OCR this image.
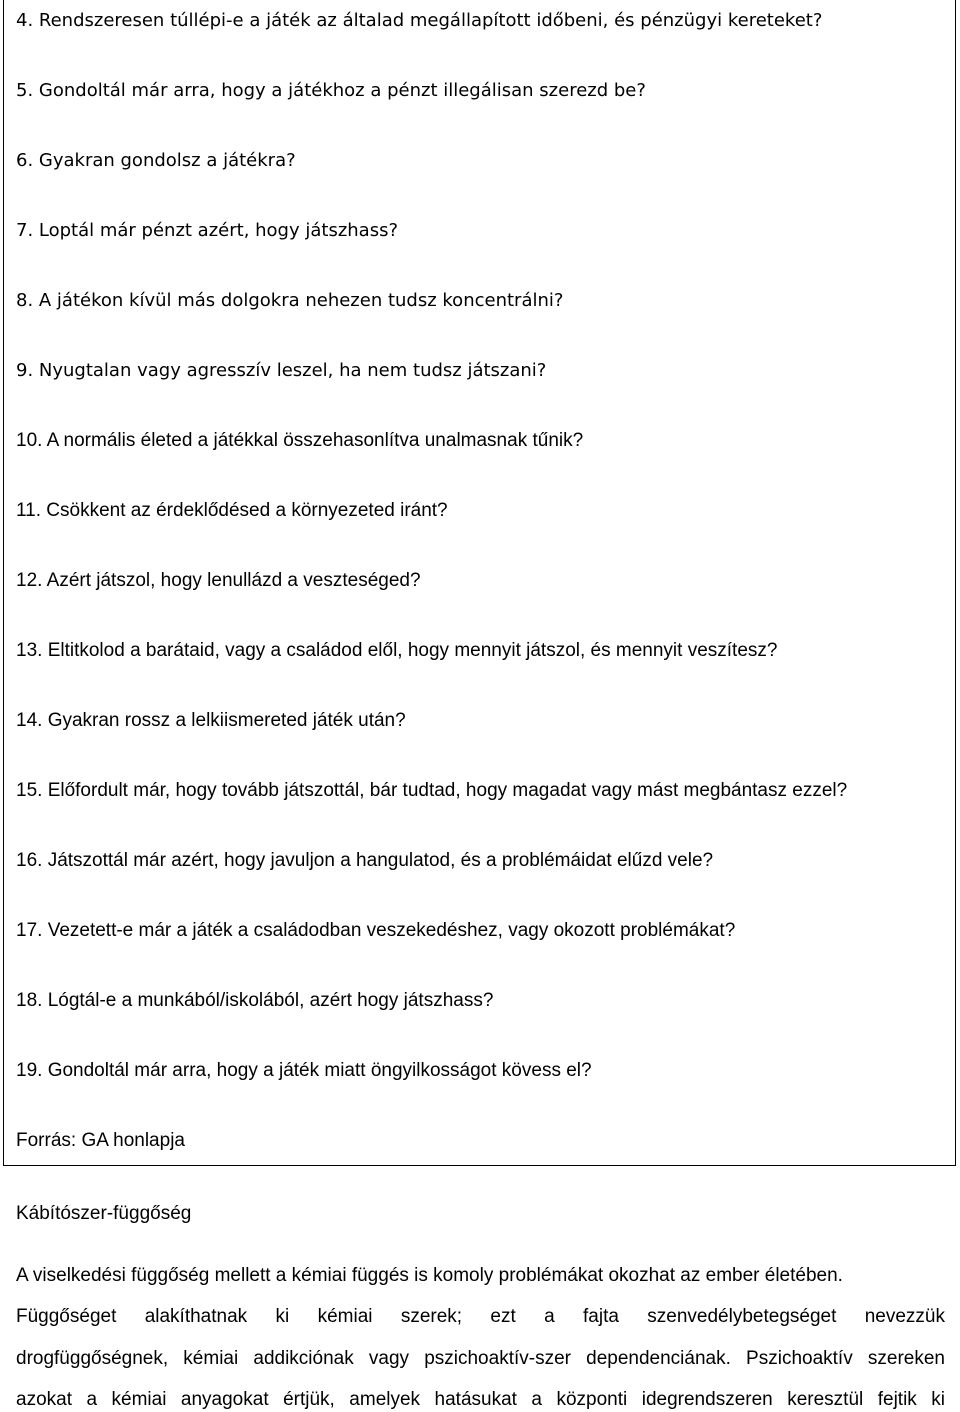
4. Rendszeresen túllépi-e a játék az általad megállapított időbeni, és pénzügyi kereteket?

5. Gondoltál már arra, hogy a játékhoz a pénzt illegálisan szerezd be?

6. Gyakran gondolsz a játékra?

7. Loptál már pénzt azért, hogy játszhass?

8. A játékon kívül más dolgokra nehezen tudsz koncentrálni?

9. Nyugtalan vagy agresszív leszel, ha nem tudsz játszani?

10. A normális életed a játékkal összehasonlítva unalmasnak tűnik?

11. Csökkent az érdeklődésed a környezeted iránt?

12. Azért játszol, hogy lenullázd a veszteséged?

13. Eltitkolod a barátaid, vagy a családod elől, hogy mennyit játszol, és mennyit veszítesz?

14. Gyakran rossz a lelkiismereted játék után?

15. Előfordult már, hogy tovább játszottál, bár tudtad, hogy magadat vagy mást megbántasz ezzel?

16. Játszottál már azért, hogy javuljon a hangulatod, és a problémáidat elűzd vele?

17. Vezetett-e már a játék a családodban veszekedéshez, vagy okozott problémákat?

18. Lógtál-e a munkából/iskolából, azért hogy játszhass?

19. Gondoltál már arra, hogy a játék miatt öngyilkosságot kövess el?

Forrás: GA honlapja

Kábítószer-függőség

A viselkedési függőség mellett a kémiai függés is komoly problémákat okozhat az ember életében.

Függőséget alakíthatnak ki kémiai szerek; ezt a fajta szenvedélybetegséget nevezzük

drogfüggőségnek, kémiai addikciónak vagy pszichoaktív-szer dependenciának. Pszichoaktív szereken

azokat a kémiai anyagokat értjük, amelyek hatásukat a központi idegrendszeren keresztül fejtik ki
